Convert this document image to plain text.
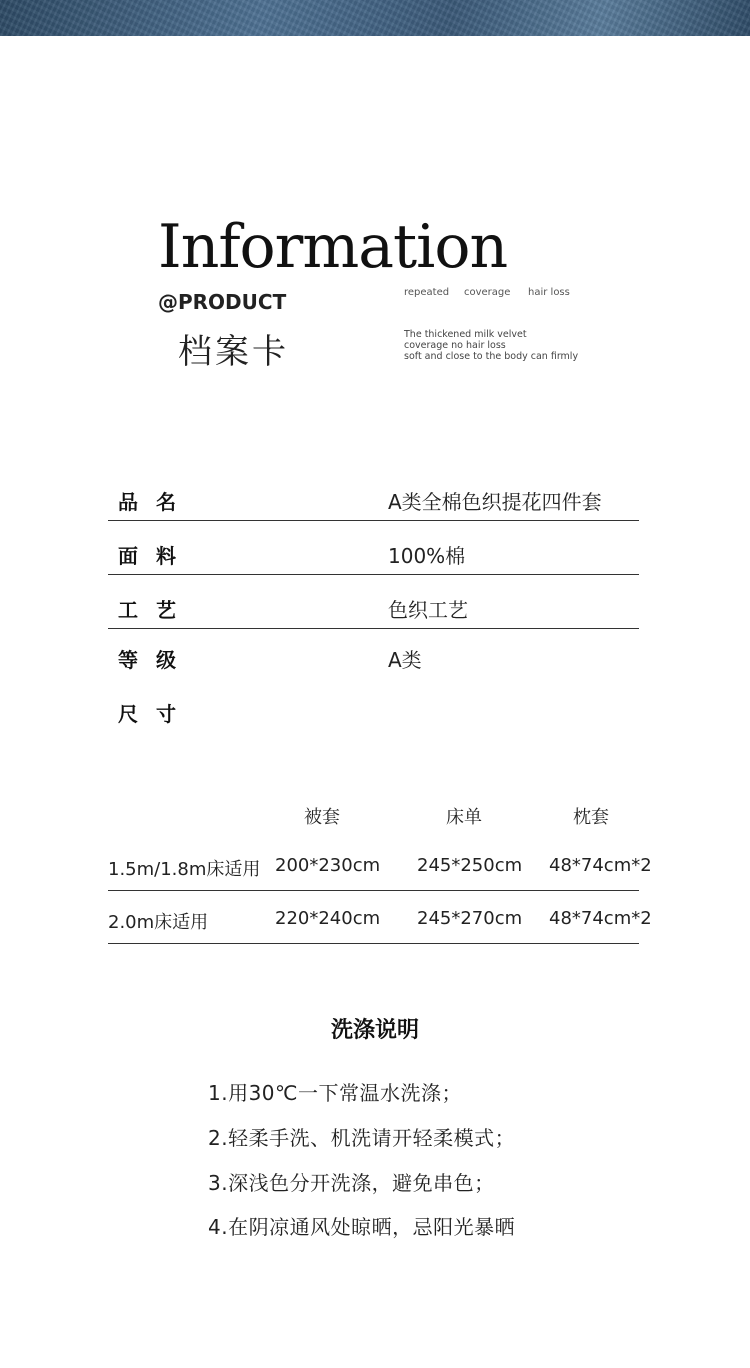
Information
@PRODUCT
档案卡
repeated coverage hair loss
The thickened milk velvet
coverage no hair loss
soft and close to the body can firmly
品名	A类全棉色织提花四件套
面料	100%棉
工艺	色织工艺
等级	A类
尺寸
被套	床单	枕套
1.5m/1.8m床适用 200*230cm 245*250cm 48*74cm*2
2.0m床适用	220*240cm 245*270cm 48*74cm*2
洗涤说明
1.用30℃一下常温水洗涤；
2.轻柔手洗、机洗请开轻柔模式；
3.深浅色分开洗涤，避免串色；
4.在阴凉通风处晾晒，忌阳光暴晒
